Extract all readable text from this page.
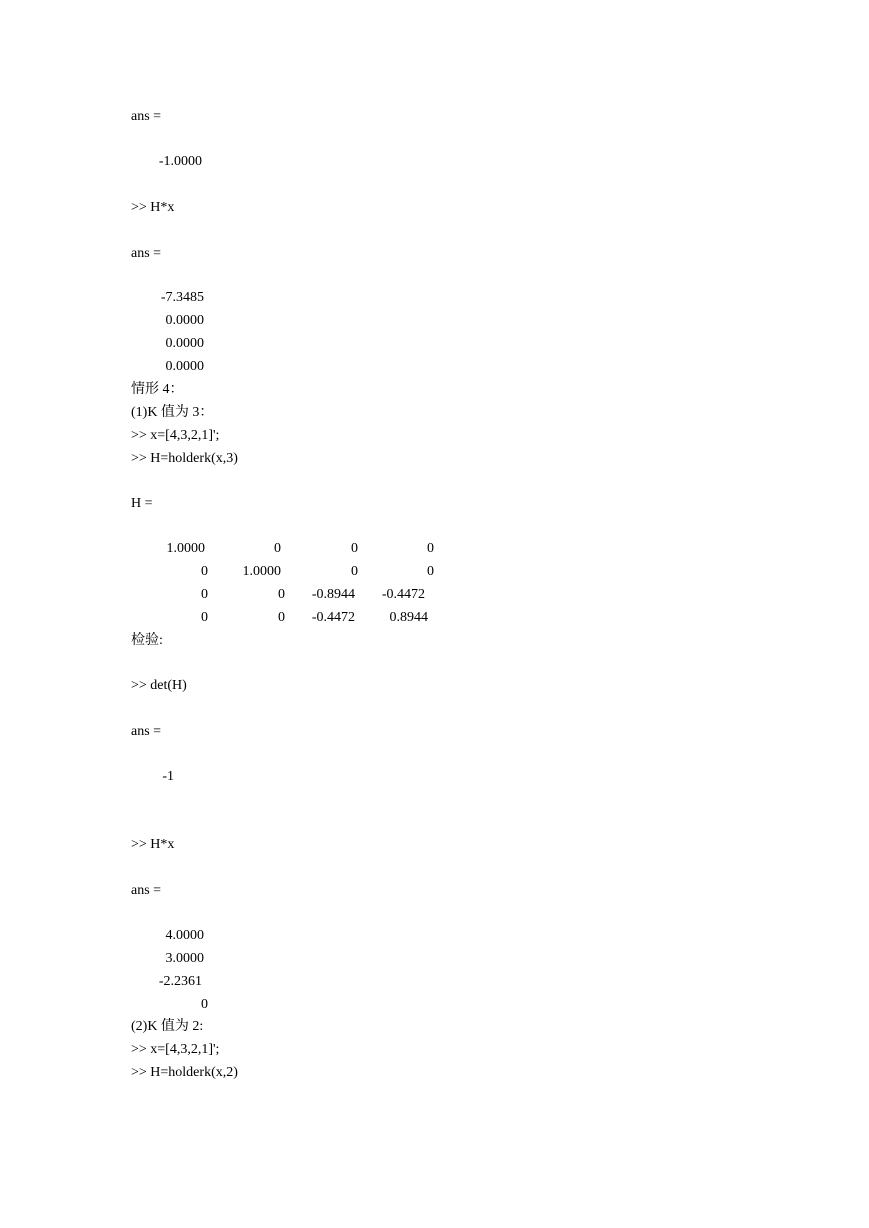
ans =
-1.0000
>> H*x
ans =
-7.3485
0.0000
0.0000
0.0000
情形 4：
(1)K 值为 3：
>> x=[4,3,2,1]';
>> H=holderk(x,3)
H =
1.0000	0	0	0
0	1.0000	0	0
0	0	-0.8944	-0.4472
0	0	-0.4472	0.8944
检验:
>> det(H)
ans =
-1
>> H*x
ans =
4.0000
3.0000
-2.2361
0
(2)K 值为 2:
>> x=[4,3,2,1]';
>> H=holderk(x,2)
